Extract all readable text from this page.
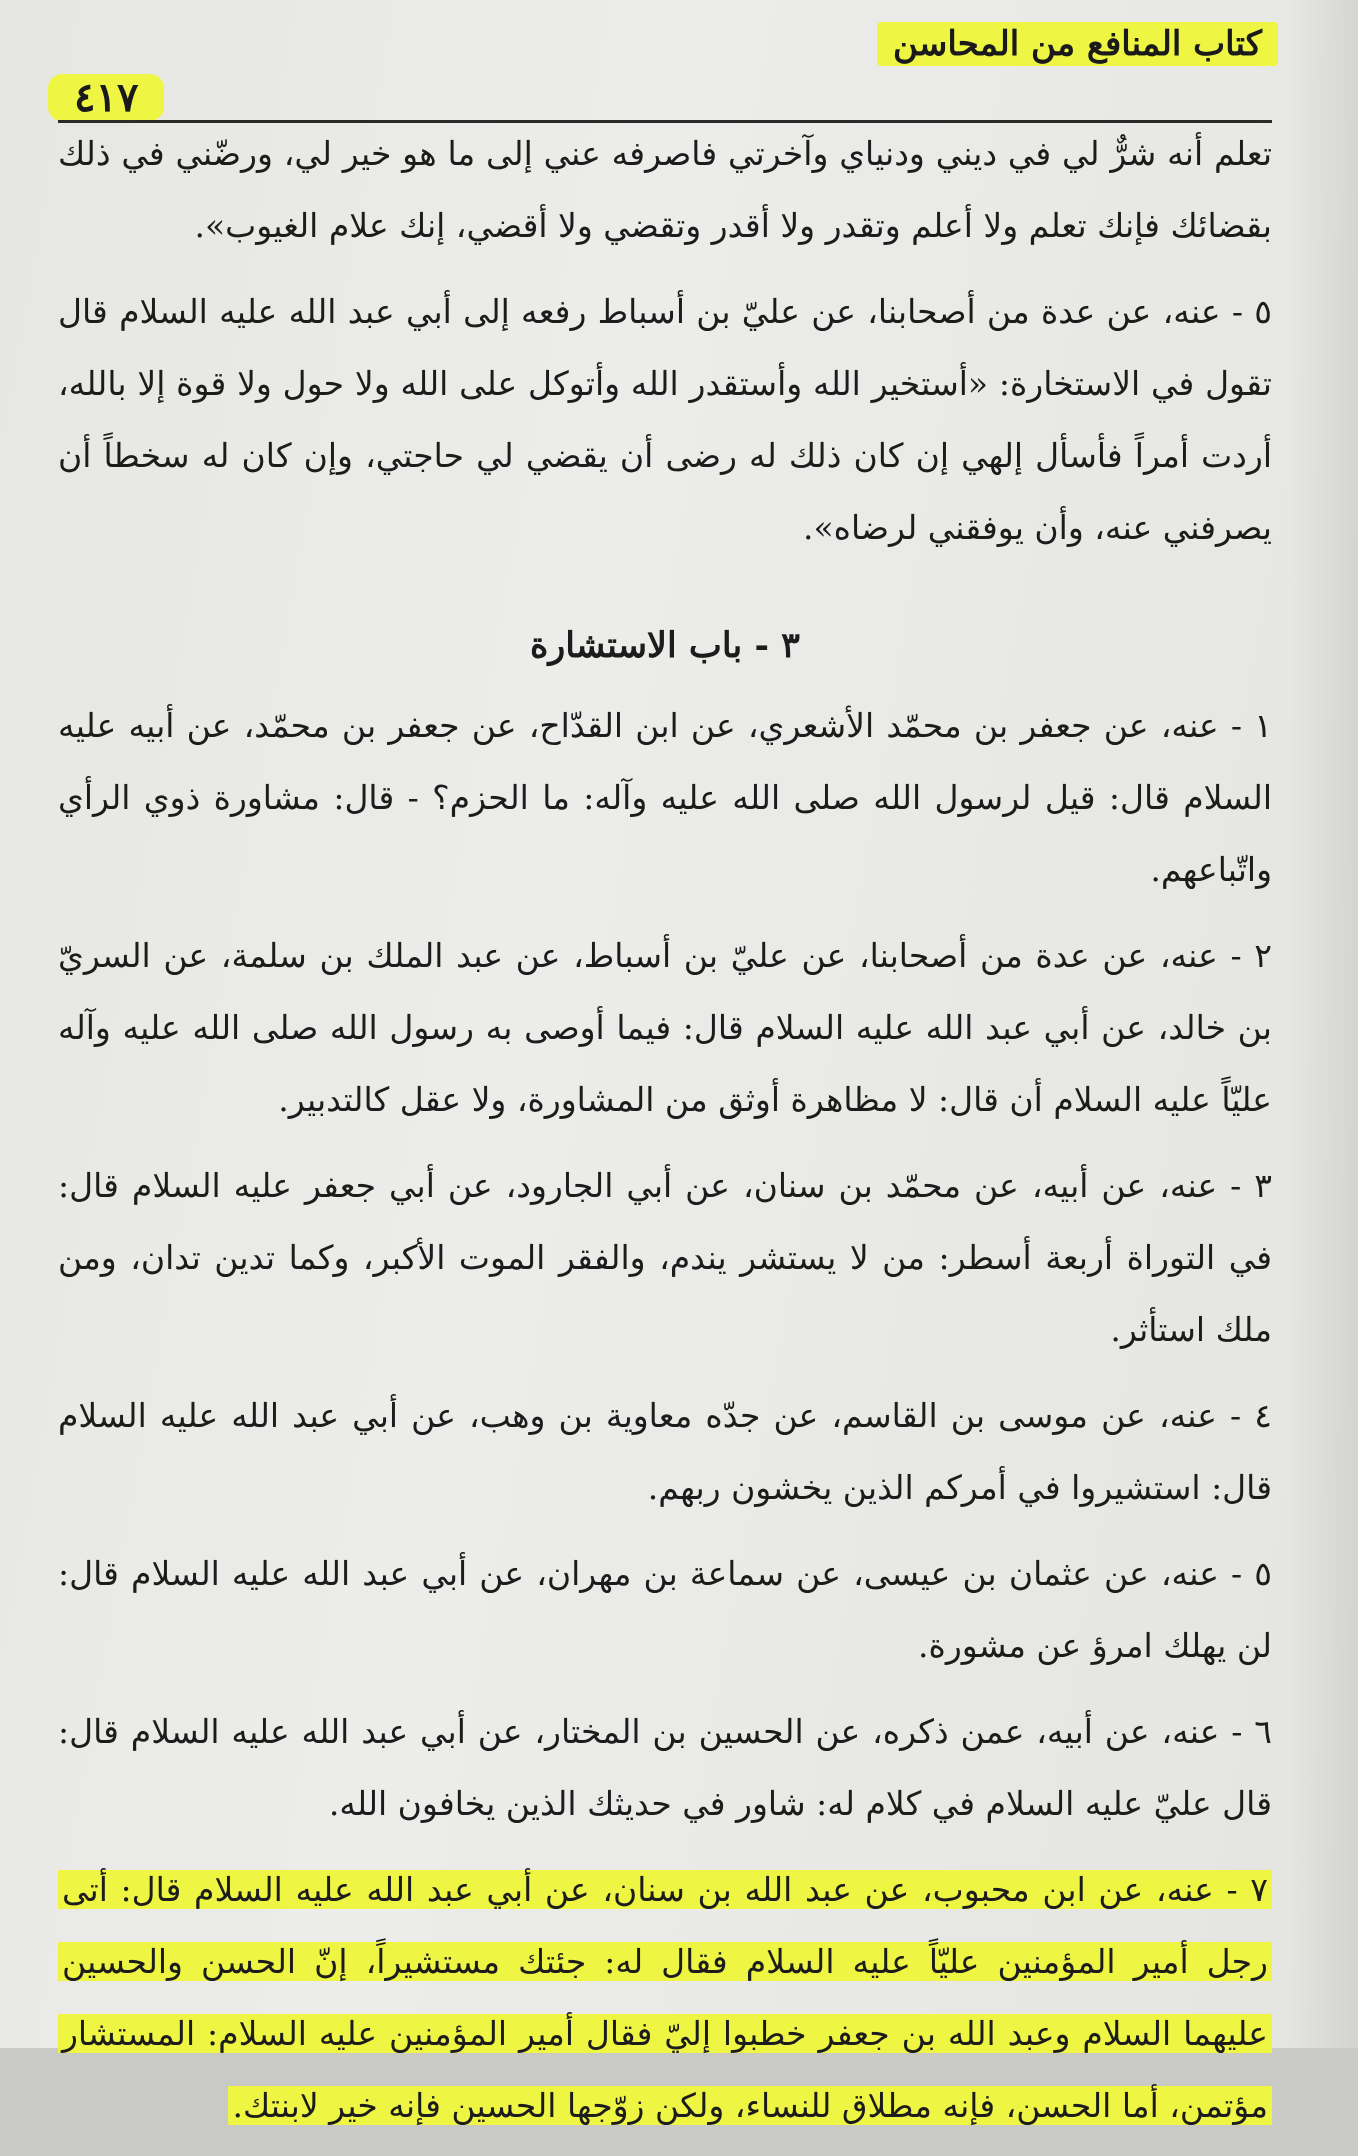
كتاب المنافع من المحاسن
٤١٧

تعلم أنه شرٌّ لي في ديني ودنياي وآخرتي فاصرفه عني إلى ما هو خير لي، ورضّني في ذلك بقضائك فإنك تعلم ولا أعلم وتقدر ولا أقدر وتقضي ولا أقضي، إنك علام الغيوب».

٥ - عنه، عن عدة من أصحابنا، عن عليّ بن أسباط رفعه إلى أبي عبد الله عليه السلام قال تقول في الاستخارة: «أستخير الله وأستقدر الله وأتوكل على الله ولا حول ولا قوة إلا بالله، أردت أمراً فأسأل إلهي إن كان ذلك له رضى أن يقضي لي حاجتي، وإن كان له سخطاً أن يصرفني عنه، وأن يوفقني لرضاه».

٣ - باب الاستشارة

١ - عنه، عن جعفر بن محمّد الأشعري، عن ابن القدّاح، عن جعفر بن محمّد، عن أبيه عليه السلام قال: قيل لرسول الله صلى الله عليه وآله: ما الحزم؟ - قال: مشاورة ذوي الرأي واتّباعهم.

٢ - عنه، عن عدة من أصحابنا، عن عليّ بن أسباط، عن عبد الملك بن سلمة، عن السريّ بن خالد، عن أبي عبد الله عليه السلام قال: فيما أوصى به رسول الله صلى الله عليه وآله عليّاً عليه السلام أن قال: لا مظاهرة أوثق من المشاورة، ولا عقل كالتدبير.

٣ - عنه، عن أبيه، عن محمّد بن سنان، عن أبي الجارود، عن أبي جعفر عليه السلام قال: في التوراة أربعة أسطر: من لا يستشر يندم، والفقر الموت الأكبر، وكما تدين تدان، ومن ملك استأثر.

٤ - عنه، عن موسى بن القاسم، عن جدّه معاوية بن وهب، عن أبي عبد الله عليه السلام قال: استشيروا في أمركم الذين يخشون ربهم.

٥ - عنه، عن عثمان بن عيسى، عن سماعة بن مهران، عن أبي عبد الله عليه السلام قال: لن يهلك امرؤ عن مشورة.

٦ - عنه، عن أبيه، عمن ذكره، عن الحسين بن المختار، عن أبي عبد الله عليه السلام قال: قال عليّ عليه السلام في كلام له: شاور في حديثك الذين يخافون الله.

٧ - عنه، عن ابن محبوب، عن عبد الله بن سنان، عن أبي عبد الله عليه السلام قال: أتى رجل أمير المؤمنين عليّاً عليه السلام فقال له: جئتك مستشيراً، إنّ الحسن والحسين عليهما السلام وعبد الله بن جعفر خطبوا إليّ فقال أمير المؤمنين عليه السلام: المستشار مؤتمن، أما الحسن، فإنه مطلاق للنساء، ولكن زوّجها الحسين فإنه خير لابنتك.
